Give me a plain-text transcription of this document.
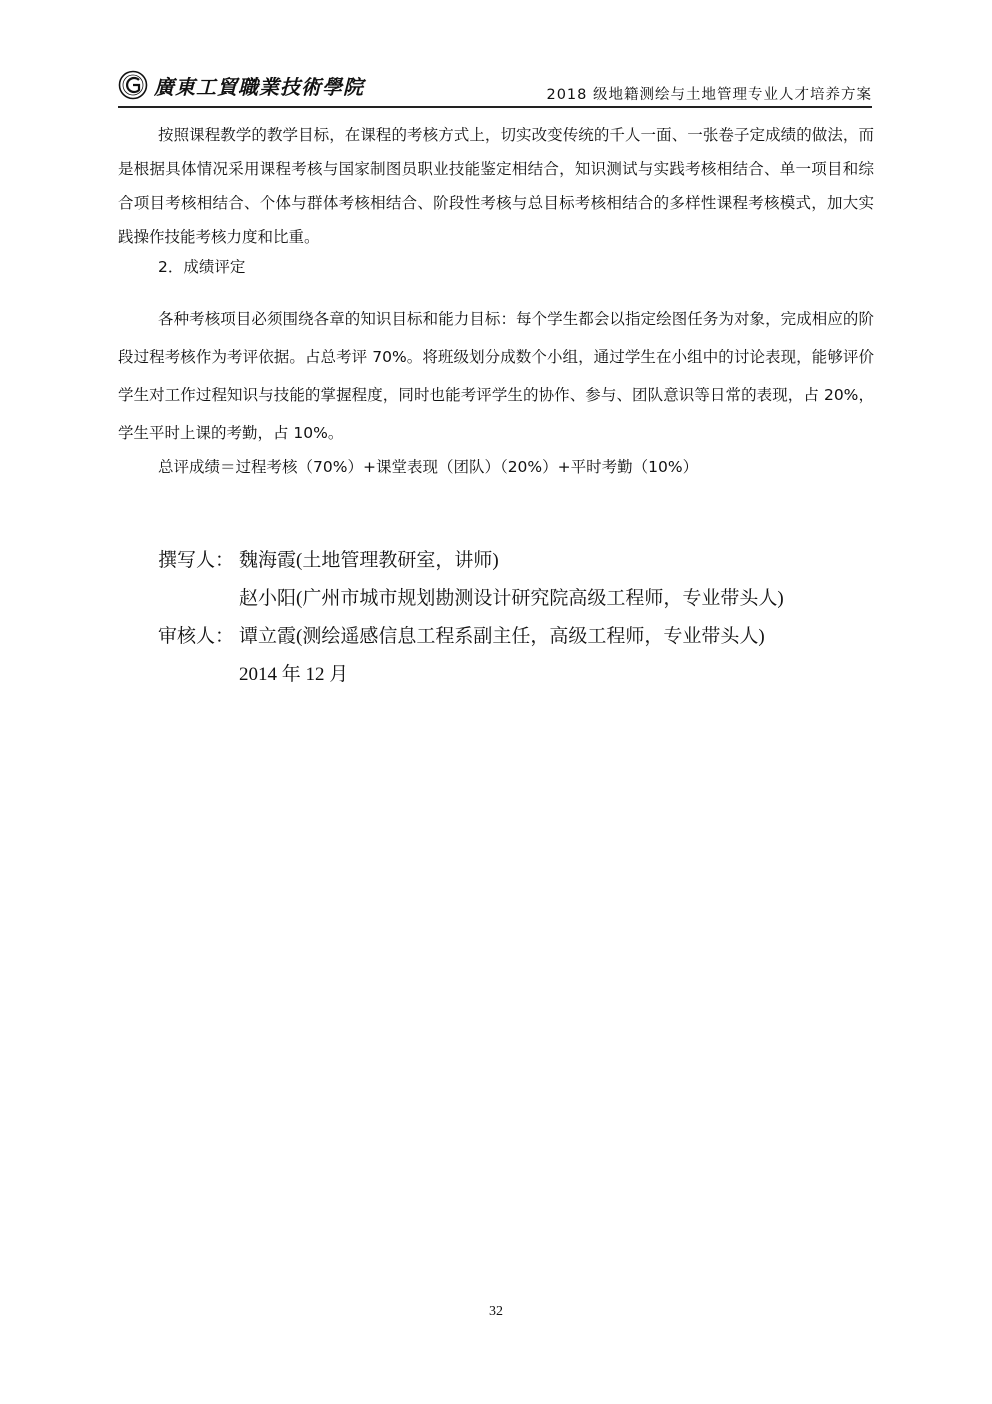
廣東工貿職業技術學院	2018 级地籍测绘与土地管理专业人才培养方案
按照课程教学的教学目标，在课程的考核方式上，切实改变传统的千人一面、一张卷子定成绩的做法，而是根据具体情况采用课程考核与国家制图员职业技能鉴定相结合，知识测试与实践考核相结合、单一项目和综合项目考核相结合、个体与群体考核相结合、阶段性考核与总目标考核相结合的多样性课程考核模式，加大实践操作技能考核力度和比重。
2．成绩评定
各种考核项目必须围绕各章的知识目标和能力目标：每个学生都会以指定绘图任务为对象，完成相应的阶段过程考核作为考评依据。占总考评 70%。将班级划分成数个小组，通过学生在小组中的讨论表现，能够评价学生对工作过程知识与技能的掌握程度，同时也能考评学生的协作、参与、团队意识等日常的表现，占 20%，学生平时上课的考勤，占 10%。
总评成绩＝过程考核（70%）+课堂表现（团队）（20%）+平时考勤（10%）
撰写人： 魏海霞(土地管理教研室，讲师)
赵小阳(广州市城市规划勘测设计研究院高级工程师，专业带头人)
审核人： 谭立霞(测绘遥感信息工程系副主任，高级工程师，专业带头人)
2014 年 12 月
32
